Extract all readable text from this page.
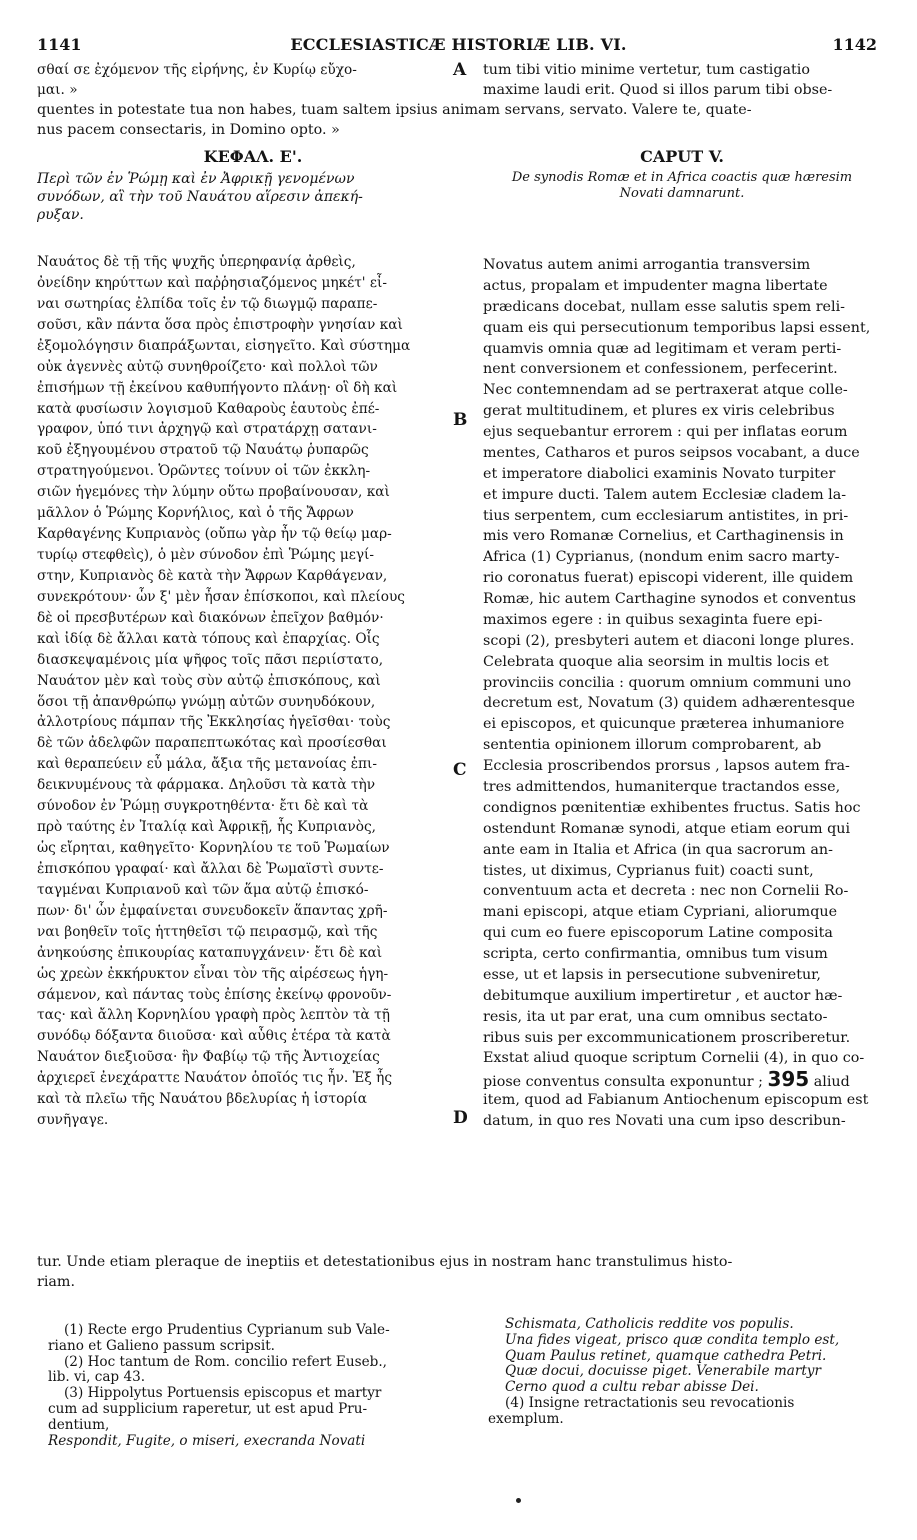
1141	ECCLESIASTICÆ HISTORIÆ LIB. VI.	1142
σθαί σε ἐχόμενον τῆς εἰρήνης, ἐν Κυρίῳ εὔχο-
μαι. »
tum tibi vitio minime vertetur, tum castigatio
maxime laudi erit. Quod si illos parum tibi obse-
quentes in potestate tua non habes, tuam saltem ipsius animam servans, servato. Valere te, quate-
nus pacem consectaris, in Domino opto. »
ΚΕΦΑΛ. Ε'.	CAPUT V.
Περὶ τῶν ἐν Ῥώμῃ καὶ ἐν Ἀφρικῇ γενομένων
συνόδων, αἳ τὴν τοῦ Ναυάτου αἵρεσιν ἀπεκή-
ρυξαν.
De synodis Romæ et in Africa coactis quæ hæresim
Novati damnarunt.
Ναυάτος δὲ τῇ τῆς ψυχῆς ὑπερηφανίᾳ ἀρθεὶς,
ὀνείδην κηρύττων καὶ παῤῥησιαζόμενος μηκέτ' εἶ-
ναι σωτηρίας ἐλπίδα τοῖς ἐν τῷ διωγμῷ παραπε-
σοῦσι, κἂν πάντα ὅσα πρὸς ἐπιστροφὴν γνησίαν καὶ
ἐξομολόγησιν διαπράξωνται, εἰσηγεῖτο. Καὶ σύστημα
οὐκ ἀγεννὲς αὐτῷ συνηθροίζετο· καὶ πολλοὶ τῶν
ἐπισήμων τῇ ἐκείνου καθυπήγοντο πλάνῃ· οἳ δὴ καὶ
κατὰ φυσίωσιν λογισμοῦ Καθαροὺς ἑαυτοὺς ἐπέ-
γραφον, ὑπό τινι ἀρχηγῷ καὶ στρατάρχῃ σατανι-
κοῦ ἐξηγουμένου στρατοῦ τῷ Ναυάτῳ ῥυπαρῶς
στρατηγούμενοι. Ὁρῶντες τοίνυν οἱ τῶν ἐκκλη-
σιῶν ἡγεμόνες τὴν λύμην οὕτω προβαίνουσαν, καὶ
μᾶλλον ὁ Ῥώμης Κορνήλιος, καὶ ὁ τῆς Ἄφρων
Καρθαγένης Κυπριανὸς (οὔπω γὰρ ἦν τῷ θείῳ μαρ-
τυρίῳ στεφθεὶς), ὁ μὲν σύνοδον ἐπὶ Ῥώμης μεγί-
στην, Κυπριανὸς δὲ κατὰ τὴν Ἄφρων Καρθάγεναν,
συνεκρότουν· ὧν ξ' μὲν ἦσαν ἐπίσκοποι, καὶ πλείους
δὲ οἱ πρεσβυτέρων καὶ διακόνων ἐπεῖχον βαθμόν·
καὶ ἰδίᾳ δὲ ἄλλαι κατὰ τόπους καὶ ἐπαρχίας. Οἷς
διασκεψαμένοις μία ψῆφος τοῖς πᾶσι περιίστατο,
Ναυάτον μὲν καὶ τοὺς σὺν αὐτῷ ἐπισκόπους, καὶ
ὅσοι τῇ ἀπανθρώπῳ γνώμῃ αὐτῶν συνηυδόκουν,
ἀλλοτρίους πάμπαν τῆς Ἐκκλησίας ἡγεῖσθαι· τοὺς
δὲ τῶν ἀδελφῶν παραπεπτωκότας καὶ προσίεσθαι
καὶ θεραπεύειν εὖ μάλα, ἄξια τῆς μετανοίας ἐπι-
δεικνυμένους τὰ φάρμακα. Δηλοῦσι τὰ κατὰ τὴν
σύνοδον ἐν Ῥώμῃ συγκροτηθέντα· ἔτι δὲ καὶ τὰ
πρὸ ταύτης ἐν Ἰταλίᾳ καὶ Ἀφρικῇ, ἧς Κυπριανὸς,
ὡς εἴρηται, καθηγεῖτο· Κορνηλίου τε τοῦ Ῥωμαίων
ἐπισκόπου γραφαί· καὶ ἄλλαι δὲ Ῥωμαϊστὶ συντε-
ταγμέναι Κυπριανοῦ καὶ τῶν ἅμα αὐτῷ ἐπισκό-
πων· δι' ὧν ἐμφαίνεται συνευδοκεῖν ἅπαντας χρῆ-
ναι βοηθεῖν τοῖς ἡττηθεῖσι τῷ πειρασμῷ, καὶ τῆς
ἀνηκούσης ἐπικουρίας καταπυγχάνειν· ἔτι δὲ καὶ
ὡς χρεὼν ἐκκήρυκτον εἶναι τὸν τῆς αἱρέσεως ἡγη-
σάμενον, καὶ πάντας τοὺς ἐπίσης ἐκείνῳ φρονοῦν-
τας· καὶ ἄλλη Κορνηλίου γραφὴ πρὸς λεπτὸν τὰ τῇ
συνόδῳ δόξαντα διιοῦσα· καὶ αὖθις ἑτέρα τὰ κατὰ
Ναυάτον διεξιοῦσα· ἣν Φαβίῳ τῷ τῆς Ἀντιοχείας
ἀρχιερεῖ ἐνεχάραττε Ναυάτον ὁποῖός τις ἦν. Ἐξ ἧς
καὶ τὰ πλεῖω τῆς Ναυάτου βδελυρίας ἡ ἱστορία
συνῆγαγε.
Novatus autem animi arrogantia transversim
actus, propalam et impudenter magna libertate
prædicans docebat, nullam esse salutis spem reli-
quam eis qui persecutionum temporibus lapsi essent,
quamvis omnia quæ ad legitimam et veram perti-
nent conversionem et confessionem, perfecerint.
Nec contemnendam ad se pertraxerat atque colle-
gerat multitudinem, et plures ex viris celebribus
ejus sequebantur errorem : qui per inflatas eorum
mentes, Catharos et puros seipsos vocabant, a duce
et imperatore diabolici examinis Novato turpiter
et impure ducti. Talem autem Ecclesiæ cladem la-
tius serpentem, cum ecclesiarum antistites, in pri-
mis vero Romanæ Cornelius, et Carthaginensis in
Africa (1) Cyprianus, (nondum enim sacro marty-
rio coronatus fuerat) episcopi viderent, ille quidem
Romæ, hic autem Carthagine synodos et conventus
maximos egere : in quibus sexaginta fuere epi-
scopi (2), presbyteri autem et diaconi longe plures.
Celebrata quoque alia seorsim in multis locis et
provinciis concilia : quorum omnium communi uno
decretum est, Novatum (3) quidem adhærentesque
ei episcopos, et quicunque præterea inhumaniore
sententia opinionem illorum comprobarent, ab
Ecclesia proscribendos prorsus , lapsos autem fra-
tres admittendos, humaniterque tractandos esse,
condignos pœnitentiæ exhibentes fructus. Satis hoc
ostendunt Romanæ synodi, atque etiam eorum qui
ante eam in Italia et Africa (in qua sacrorum an-
tistes, ut diximus, Cyprianus fuit) coacti sunt,
conventuum acta et decreta : nec non Cornelii Ro-
mani episcopi, atque etiam Cypriani, aliorumque
qui cum eo fuere episcoporum Latine composita
scripta, certo confirmantia, omnibus tum visum
esse, ut et lapsis in persecutione subveniretur,
debitumque auxilium impertiretur , et auctor hæ-
resis, ita ut par erat, una cum omnibus sectato-
ribus suis per excommunicationem proscriberetur.
Exstat aliud quoque scriptum Cornelii (4), in quo co-
piose conventus consulta exponuntur ; 395 aliud
item, quod ad Fabianum Antiochenum episcopum est
datum, in quo res Novati una cum ipso describun-
A
B
C
D
tur. Unde etiam pleraque de ineptiis et detestationibus ejus in nostram hanc transtulimus histo-
riam.
(1) Recte ergo Prudentius Cyprianum sub Vale-
riano et Galieno passum scripsit.
(2) Hoc tantum de Rom. concilio refert Euseb.,
lib. vi, cap 43.
(3) Hippolytus Portuensis episcopus et martyr
cum ad supplicium raperetur, ut est apud Pru-
dentium,
Respondit, Fugite, o miseri, execranda Novati
Schismata, Catholicis reddite vos populis.
Una fides vigeat, prisco quæ condita templo est,
Quam Paulus retinet, quamque cathedra Petri.
Quæ docui, docuisse piget. Venerabile martyr
Cerno quod a cultu rebar abisse Dei.
(4) Insigne retractationis seu revocationis
exemplum.
